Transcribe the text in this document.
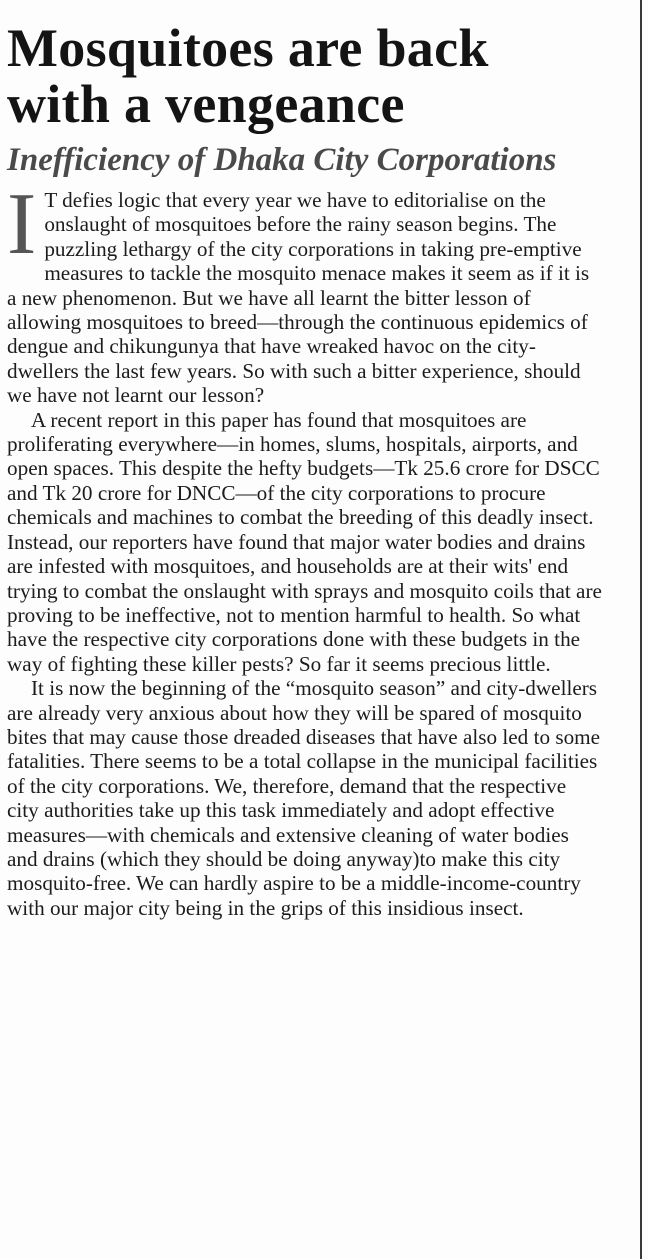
Mosquitoes are back with a vengeance
Inefficiency of Dhaka City Corporations

I T defies logic that every year we have to editorialise on the onslaught of mosquitoes before the rainy season begins. The puzzling lethargy of the city corporations in taking pre-emptive measures to tackle the mosquito menace makes it seem as if it is a new phenomenon. But we have all learnt the bitter lesson of allowing mosquitoes to breed—through the continuous epidemics of dengue and chikungunya that have wreaked havoc on the city-dwellers the last few years. So with such a bitter experience, should we have not learnt our lesson?

A recent report in this paper has found that mosquitoes are proliferating everywhere—in homes, slums, hospitals, airports, and open spaces. This despite the hefty budgets—Tk 25.6 crore for DSCC and Tk 20 crore for DNCC—of the city corporations to procure chemicals and machines to combat the breeding of this deadly insect. Instead, our reporters have found that major water bodies and drains are infested with mosquitoes, and households are at their wits' end trying to combat the onslaught with sprays and mosquito coils that are proving to be ineffective, not to mention harmful to health. So what have the respective city corporations done with these budgets in the way of fighting these killer pests? So far it seems precious little.

It is now the beginning of the “mosquito season” and city-dwellers are already very anxious about how they will be spared of mosquito bites that may cause those dreaded diseases that have also led to some fatalities. There seems to be a total collapse in the municipal facilities of the city corporations. We, therefore, demand that the respective city authorities take up this task immediately and adopt effective measures—with chemicals and extensive cleaning of water bodies and drains (which they should be doing anyway)to make this city mosquito-free. We can hardly aspire to be a middle-income-country with our major city being in the grips of this insidious insect.
